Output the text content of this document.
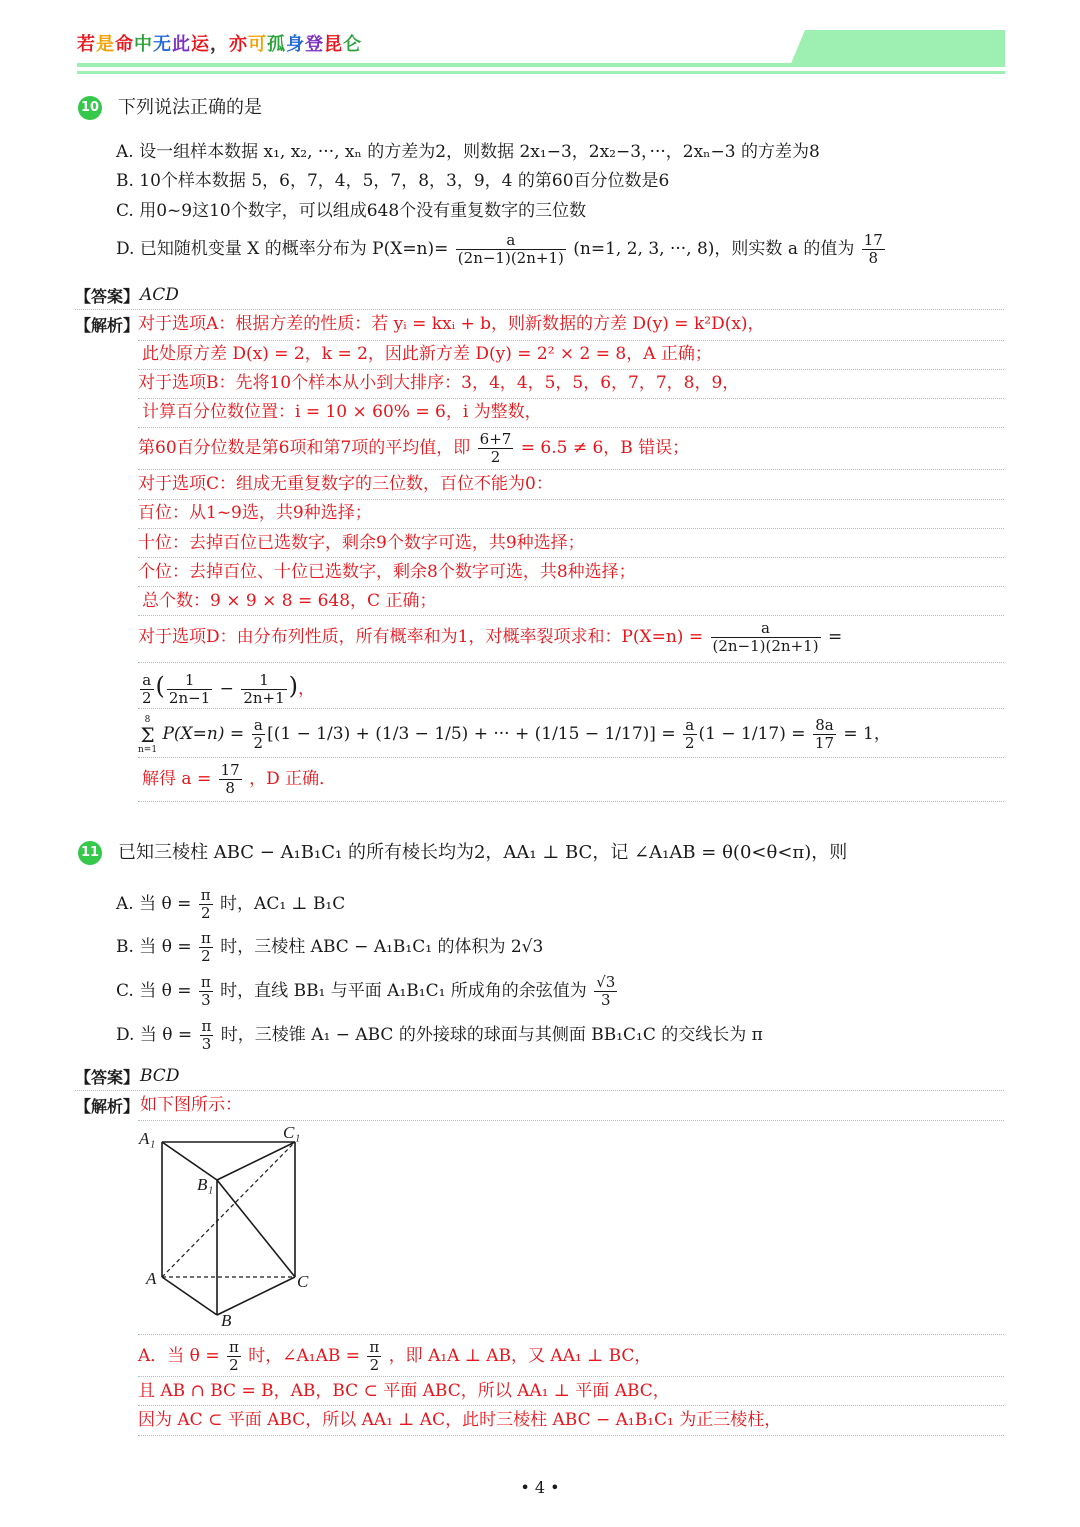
若是命中无此运，亦可孤身登昆仑
10 下列说法正确的是
A. 设一组样本数据 x₁, x₂, ···, xₙ 的方差为2，则数据 2x₁−3，2x₂−3，···，2xₙ−3 的方差为8
B. 10个样本数据 5，6，7，4，5，7，8，3，9，4 的第60百分位数是6
C. 用0~9这10个数字，可以组成648个没有重复数字的三位数
D. 已知随机变量 X 的概率分布为 $P(X=n)= \frac{a}{(2n-1)(2n+1)} (n=1$, 2, 3, ···, 8)，则实数 a 的值为 $\frac{17}{8}$
【答案】 ACD
【解析】
对于选项A：根据方差的性质：若 yᵢ = kxᵢ + b，则新数据的方差 D(y) = k²D(x)，
此处原方差 D(x) = 2，k = 2，因此新方差 D(y) = 2² × 2 = 8，A 正确；
对于选项B：先将10个样本从小到大排序：3，4，4，5，5，6，7，7，8，9，
计算百分位数位置：i = 10 × 60% = 6，i 为整数，
第60百分位数是第6项和第7项的平均值，即 $\frac{6+7}{2} = 6.5 \ne 6$，B 错误；
对于选项C：组成无重复数字的三位数，百位不能为0：
百位：从1~9选，共9种选择；
十位：去掉百位已选数字，剩余9个数字可选，共9种选择；
个位：去掉百位、十位已选数字，剩余8个数字可选，共8种选择；
总个数：9 × 9 × 8 = 648，C 正确；
对于选项D：由分布列性质，所有概率和为1，对概率裂项求和：$P(X=n) = \frac{a}{(2n-1)(2n+1)}$ =
$\frac{a}{2}$ ( $\frac{1}{2n-1} - \frac{1}{2n+1}$ )，
8
Σ
n=1
$P(X=n) = \frac{a}{2} [(1 - 1/3) + (1/3 - 1/5)$ + ··· + $(1/15 - 1/17)] = \frac{a}{2} (1 - 1/17) = \frac{8a}{17} = 1$，
解得 $a = \frac{17}{8}$ ，D 正确．
11 已知三棱柱 ABC − A₁B₁C₁ 的所有棱长均为2，AA₁ ⊥ BC，记 ∠A₁AB = θ(0<θ<π)，则
A. 当 $\theta = \frac{\pi}{2}$ 时，AC₁ ⊥ B₁C
B. 当 $\theta = \frac{\pi}{2}$ 时，三棱柱 ABC − A₁B₁C₁ 的体积为 2√3
C. 当 $\theta = \frac{\pi}{3}$ 时，直线 BB₁ 与平面 A₁B₁C₁ 所成角的余弦值为 $\frac{√3}{3}$
D. 当 $\theta = \frac{\pi}{3}$ 时，三棱锥 A₁ − ABC 的外接球的球面与其侧面 BB₁C₁C 的交线长为 π
【答案】 BCD
【解析】 如下图所示：
A₁	C₁
B₁
A	C
B
A．当 $\theta = \frac{\pi}{2}$ 时，∠A₁AB = $\frac{\pi}{2}$ ，即 A₁A ⊥ AB，又 AA₁ ⊥ BC，
且 AB ∩ BC = B，AB，BC ⊂ 平面 ABC，所以 AA₁ ⊥ 平面 ABC，
因为 AC ⊂ 平面 ABC，所以 AA₁ ⊥ AC，此时三棱柱 ABC − A₁B₁C₁ 为正三棱柱，
• 4 •
